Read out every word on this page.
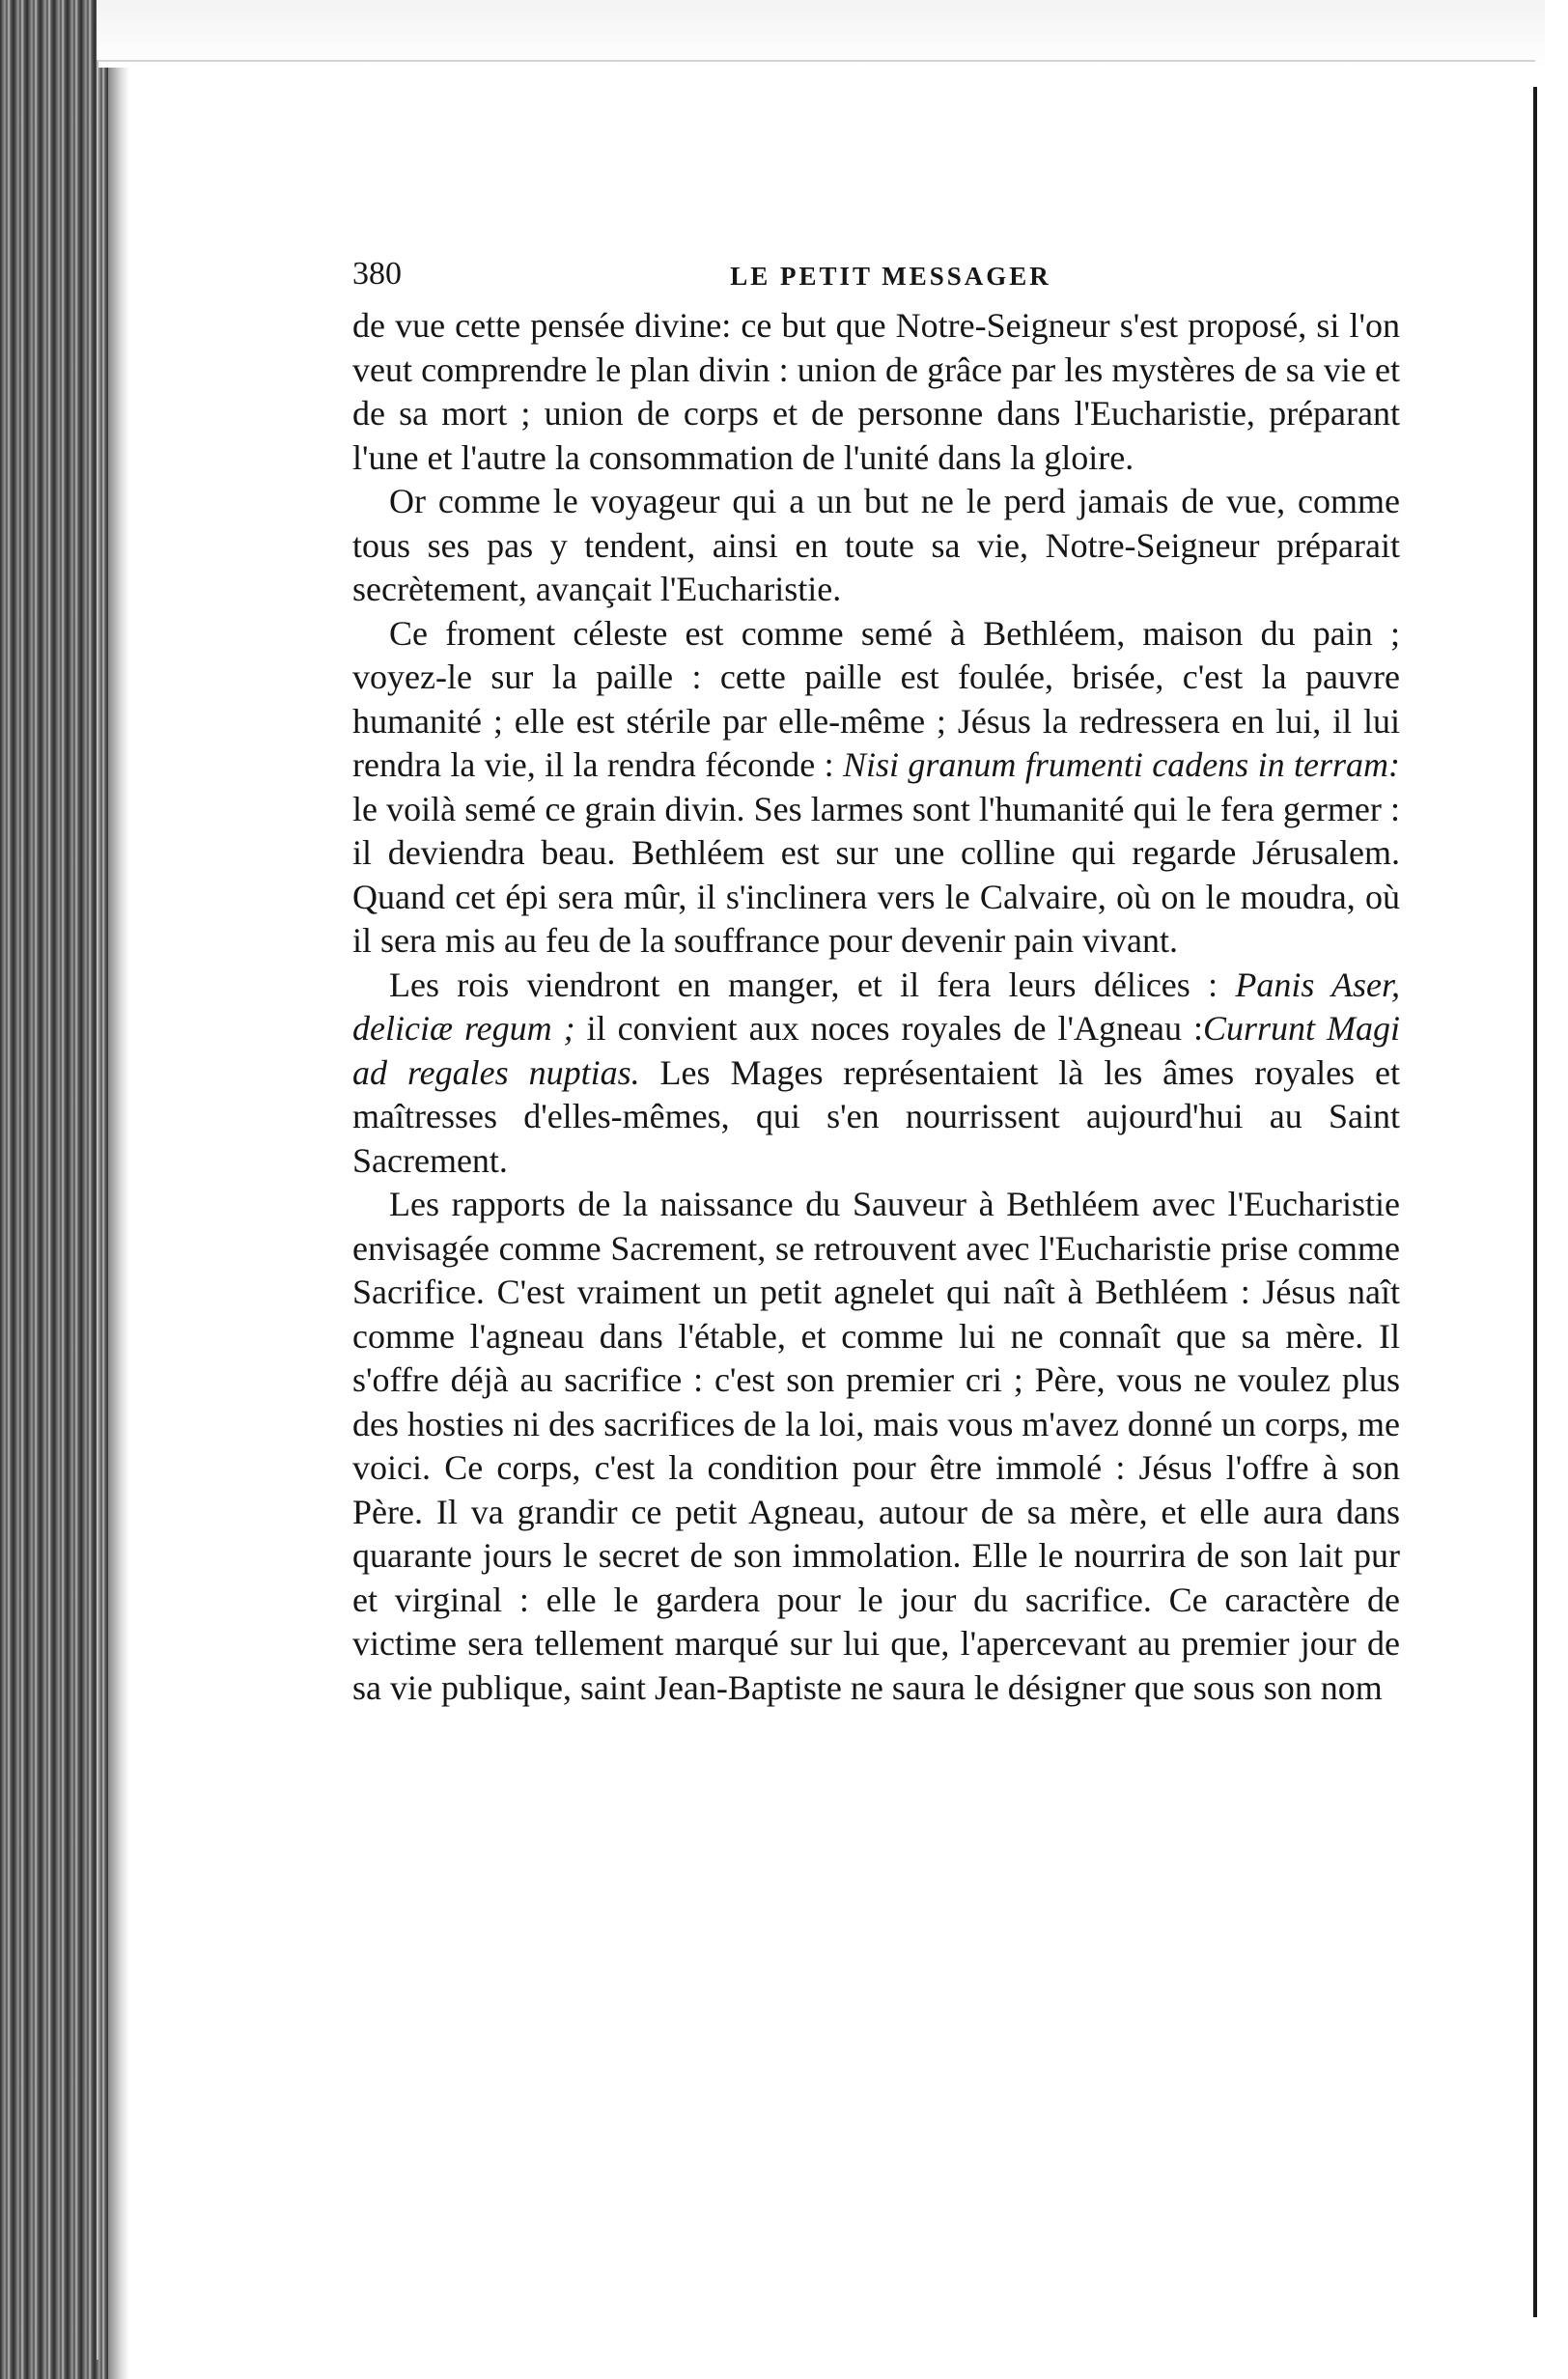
380	LE PETIT MESSAGER

de vue cette pensée divine: ce but que Notre-Seigneur s'est proposé, si l'on veut comprendre le plan divin : union de grâce par les mystères de sa vie et de sa mort ; union de corps et de personne dans l'Eucharistie, préparant l'une et l'autre la consommation de l'unité dans la gloire.

Or comme le voyageur qui a un but ne le perd jamais de vue, comme tous ses pas y tendent, ainsi en toute sa vie, Notre-Seigneur préparait secrètement, avançait l'Eucharistie.

Ce froment céleste est comme semé à Bethléem, maison du pain ; voyez-le sur la paille : cette paille est foulée, brisée, c'est la pauvre humanité ; elle est stérile par elle-même ; Jésus la redressera en lui, il lui rendra la vie, il la rendra féconde : Nisi granum frumenti cadens in terram: le voilà semé ce grain divin. Ses larmes sont l'humanité qui le fera germer : il deviendra beau. Bethléem est sur une colline qui regarde Jérusalem. Quand cet épi sera mûr, il s'inclinera vers le Calvaire, où on le moudra, où il sera mis au feu de la souffrance pour devenir pain vivant.

Les rois viendront en manger, et il fera leurs délices : Panis Aser, deliciæ regum ; il convient aux noces royales de l'Agneau :Currunt Magi ad regales nuptias. Les Mages représentaient là les âmes royales et maîtresses d'elles-mêmes, qui s'en nourrissent aujourd'hui au Saint Sacrement.

Les rapports de la naissance du Sauveur à Bethléem avec l'Eucharistie envisagée comme Sacrement, se retrouvent avec l'Eucharistie prise comme Sacrifice. C'est vraiment un petit agnelet qui naît à Bethléem : Jésus naît comme l'agneau dans l'étable, et comme lui ne connaît que sa mère. Il s'offre déjà au sacrifice : c'est son premier cri ; Père, vous ne voulez plus des hosties ni des sacrifices de la loi, mais vous m'avez donné un corps, me voici. Ce corps, c'est la condition pour être immolé : Jésus l'offre à son Père. Il va grandir ce petit Agneau, autour de sa mère, et elle aura dans quarante jours le secret de son immolation. Elle le nourrira de son lait pur et virginal : elle le gardera pour le jour du sacrifice. Ce caractère de victime sera tellement marqué sur lui que, l'apercevant au premier jour de sa vie publique, saint Jean-Baptiste ne saura le désigner que sous son nom
